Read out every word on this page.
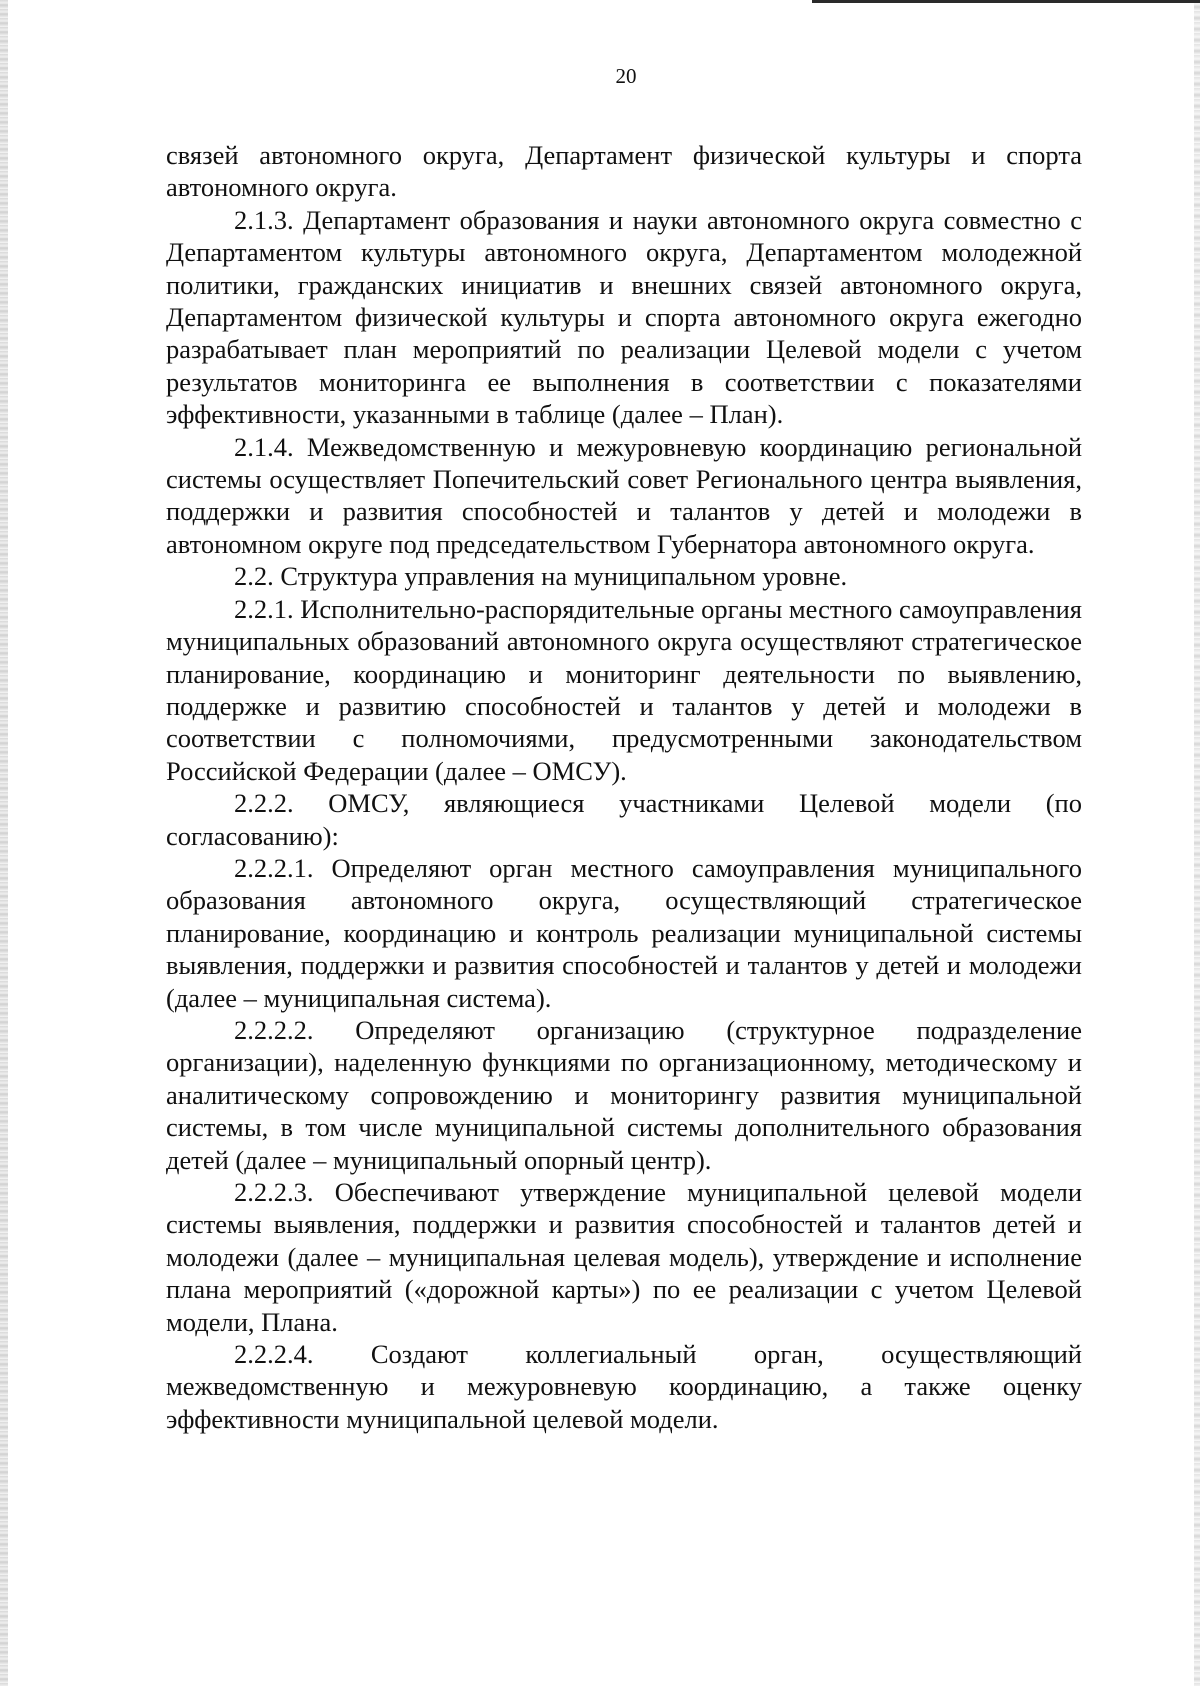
20

связей автономного округа, Департамент физической культуры и спорта автономного округа.

2.1.3. Департамент образования и науки автономного округа совместно с Департаментом культуры автономного округа, Департаментом молодежной политики, гражданских инициатив и внешних связей автономного округа, Департаментом физической культуры и спорта автономного округа ежегодно разрабатывает план мероприятий по реализации Целевой модели с учетом результатов мониторинга ее выполнения в соответствии с показателями эффективности, указанными в таблице (далее – План).

2.1.4. Межведомственную и межуровневую координацию региональной системы осуществляет Попечительский совет Регионального центра выявления, поддержки и развития способностей и талантов у детей и молодежи в автономном округе под председательством Губернатора автономного округа.

2.2. Структура управления на муниципальном уровне.

2.2.1. Исполнительно-распорядительные органы местного самоуправления муниципальных образований автономного округа осуществляют стратегическое планирование, координацию и мониторинг деятельности по выявлению, поддержке и развитию способностей и талантов у детей и молодежи в соответствии с полномочиями, предусмотренными законодательством Российской Федерации (далее – ОМСУ).

2.2.2. ОМСУ, являющиеся участниками Целевой модели (по согласованию):

2.2.2.1. Определяют орган местного самоуправления муниципального образования автономного округа, осуществляющий стратегическое планирование, координацию и контроль реализации муниципальной системы выявления, поддержки и развития способностей и талантов у детей и молодежи (далее – муниципальная система).

2.2.2.2. Определяют организацию (структурное подразделение организации), наделенную функциями по организационному, методическому и аналитическому сопровождению и мониторингу развития муниципальной системы, в том числе муниципальной системы дополнительного образования детей (далее – муниципальный опорный центр).

2.2.2.3. Обеспечивают утверждение муниципальной целевой модели системы выявления, поддержки и развития способностей и талантов детей и молодежи (далее – муниципальная целевая модель), утверждение и исполнение плана мероприятий («дорожной карты») по ее реализации с учетом Целевой модели, Плана.

2.2.2.4. Создают коллегиальный орган, осуществляющий межведомственную и межуровневую координацию, а также оценку эффективности муниципальной целевой модели.
